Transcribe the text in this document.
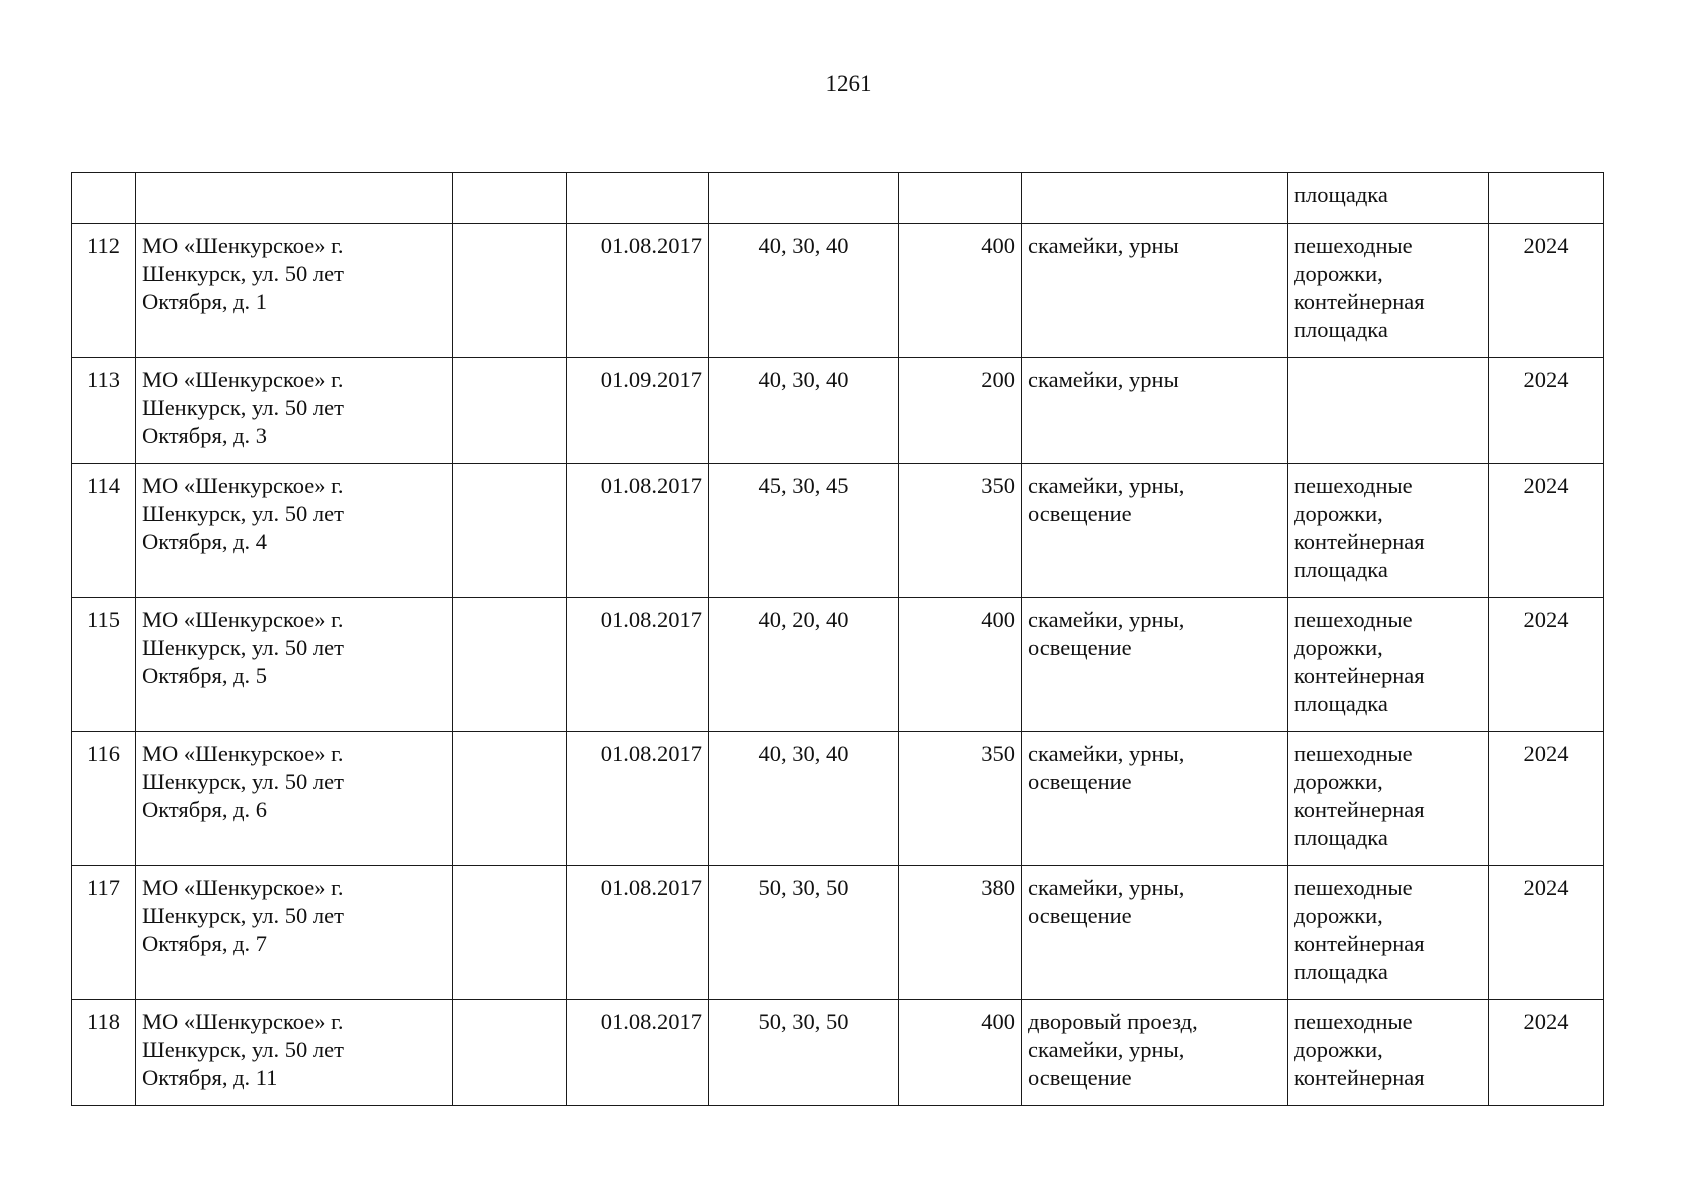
1261

							площадка	

112	МО «Шенкурское» г.
Шенкурск, ул. 50 лет
Октября, д. 1		01.08.2017	40, 30, 40	400	скамейки, урны	пешеходные
дорожки,
контейнерная
площадка	2024

113	МО «Шенкурское» г.
Шенкурск, ул. 50 лет
Октября, д. 3		01.09.2017	40, 30, 40	200	скамейки, урны		2024

114	МО «Шенкурское» г.
Шенкурск, ул. 50 лет
Октября, д. 4		01.08.2017	45, 30, 45	350	скамейки, урны,
освещение	пешеходные
дорожки,
контейнерная
площадка	2024

115	МО «Шенкурское» г.
Шенкурск, ул. 50 лет
Октября, д. 5		01.08.2017	40, 20, 40	400	скамейки, урны,
освещение	пешеходные
дорожки,
контейнерная
площадка	2024

116	МО «Шенкурское» г.
Шенкурск, ул. 50 лет
Октября, д. 6		01.08.2017	40, 30, 40	350	скамейки, урны,
освещение	пешеходные
дорожки,
контейнерная
площадка	2024

117	МО «Шенкурское» г.
Шенкурск, ул. 50 лет
Октября, д. 7		01.08.2017	50, 30, 50	380	скамейки, урны,
освещение	пешеходные
дорожки,
контейнерная
площадка	2024

118	МО «Шенкурское» г.
Шенкурск, ул. 50 лет
Октября, д. 11		01.08.2017	50, 30, 50	400	дворовый проезд,
скамейки, урны,
освещение	пешеходные
дорожки,
контейнерная	2024
